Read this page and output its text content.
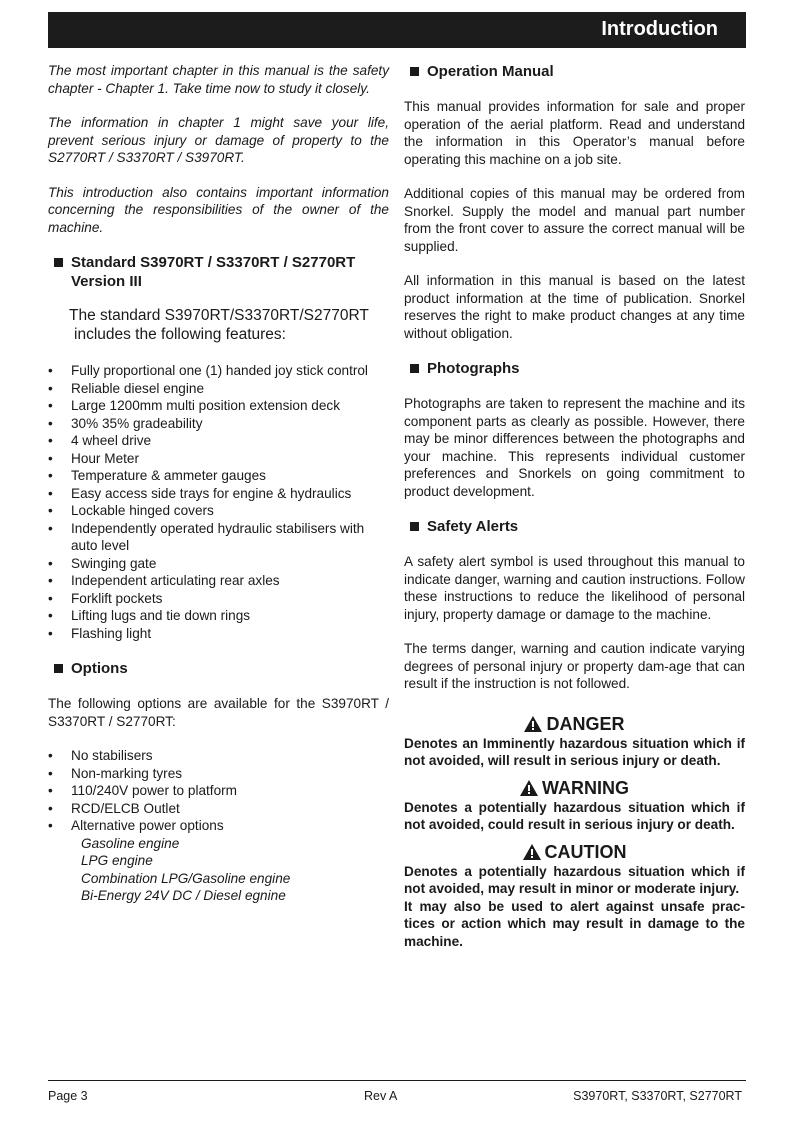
Introduction

The most important chapter in this manual is the safety chapter - Chapter 1. Take time now to study it closely.

The information in chapter 1 might save your life, prevent serious injury or damage of property to the S2770RT / S3370RT / S3970RT.

This introduction also contains important information concerning the responsibilities of the owner of the machine.

Standard S3970RT / S3370RT / S2770RT
Version III

The standard S3970RT/S3370RT/S2770RT
includes the following features:

• Fully proportional one (1) handed joy stick control
• Reliable diesel engine
• Large 1200mm multi position extension deck
• 30% 35% gradeability
• 4 wheel drive
• Hour Meter
• Temperature & ammeter gauges
• Easy access side trays for engine & hydraulics
• Lockable hinged covers
• Independently operated hydraulic stabilisers with auto level
• Swinging gate
• Independent articulating rear axles
• Forklift pockets
• Lifting lugs and tie down rings
• Flashing light
Options

The following options are available for the S3970RT / S3370RT / S2770RT:

• No stabilisers
• Non-marking tyres
• 110/240V power to platform
• RCD/ELCB Outlet
• Alternative power options
Gasoline engine
LPG engine
Combination LPG/Gasoline engine
Bi-Energy 24V DC / Diesel egnine
Operation Manual

This manual provides information for sale and proper operation of the aerial platform. Read and understand the information in this Operator’s manual before operating this machine on a job site.

Additional copies of this manual may be ordered from Snorkel. Supply the model and manual part number from the front cover to assure the correct manual will be supplied.

All information in this manual is based on the latest product information at the time of publication. Snorkel reserves the right to make product changes at any time without obligation.

Photographs

Photographs are taken to represent the machine and its component parts as clearly as possible. However, there may be minor differences between the photographs and your machine. This represents individual customer preferences and Snorkels on going commitment to product development.

Safety Alerts

A safety alert symbol is used throughout this manual to indicate danger, warning and caution instructions. Follow these instructions to reduce the likelihood of personal injury, property damage or damage to the machine.

The terms danger, warning and caution indicate varying degrees of personal injury or property dam-age that can result if the instruction is not followed.

DANGER

Denotes an Imminently hazardous situation which if not avoided, will result in serious injury or death.

WARNING

Denotes a potentially hazardous situation which if not avoided, could result in serious injury or death.

CAUTION

Denotes a potentially hazardous situation which if not avoided, may result in minor or moderate injury.

It may also be used to alert against unsafe prac-tices or action which may result in damage to the machine.

Page 3	Rev A	S3970RT, S3370RT, S2770RT
